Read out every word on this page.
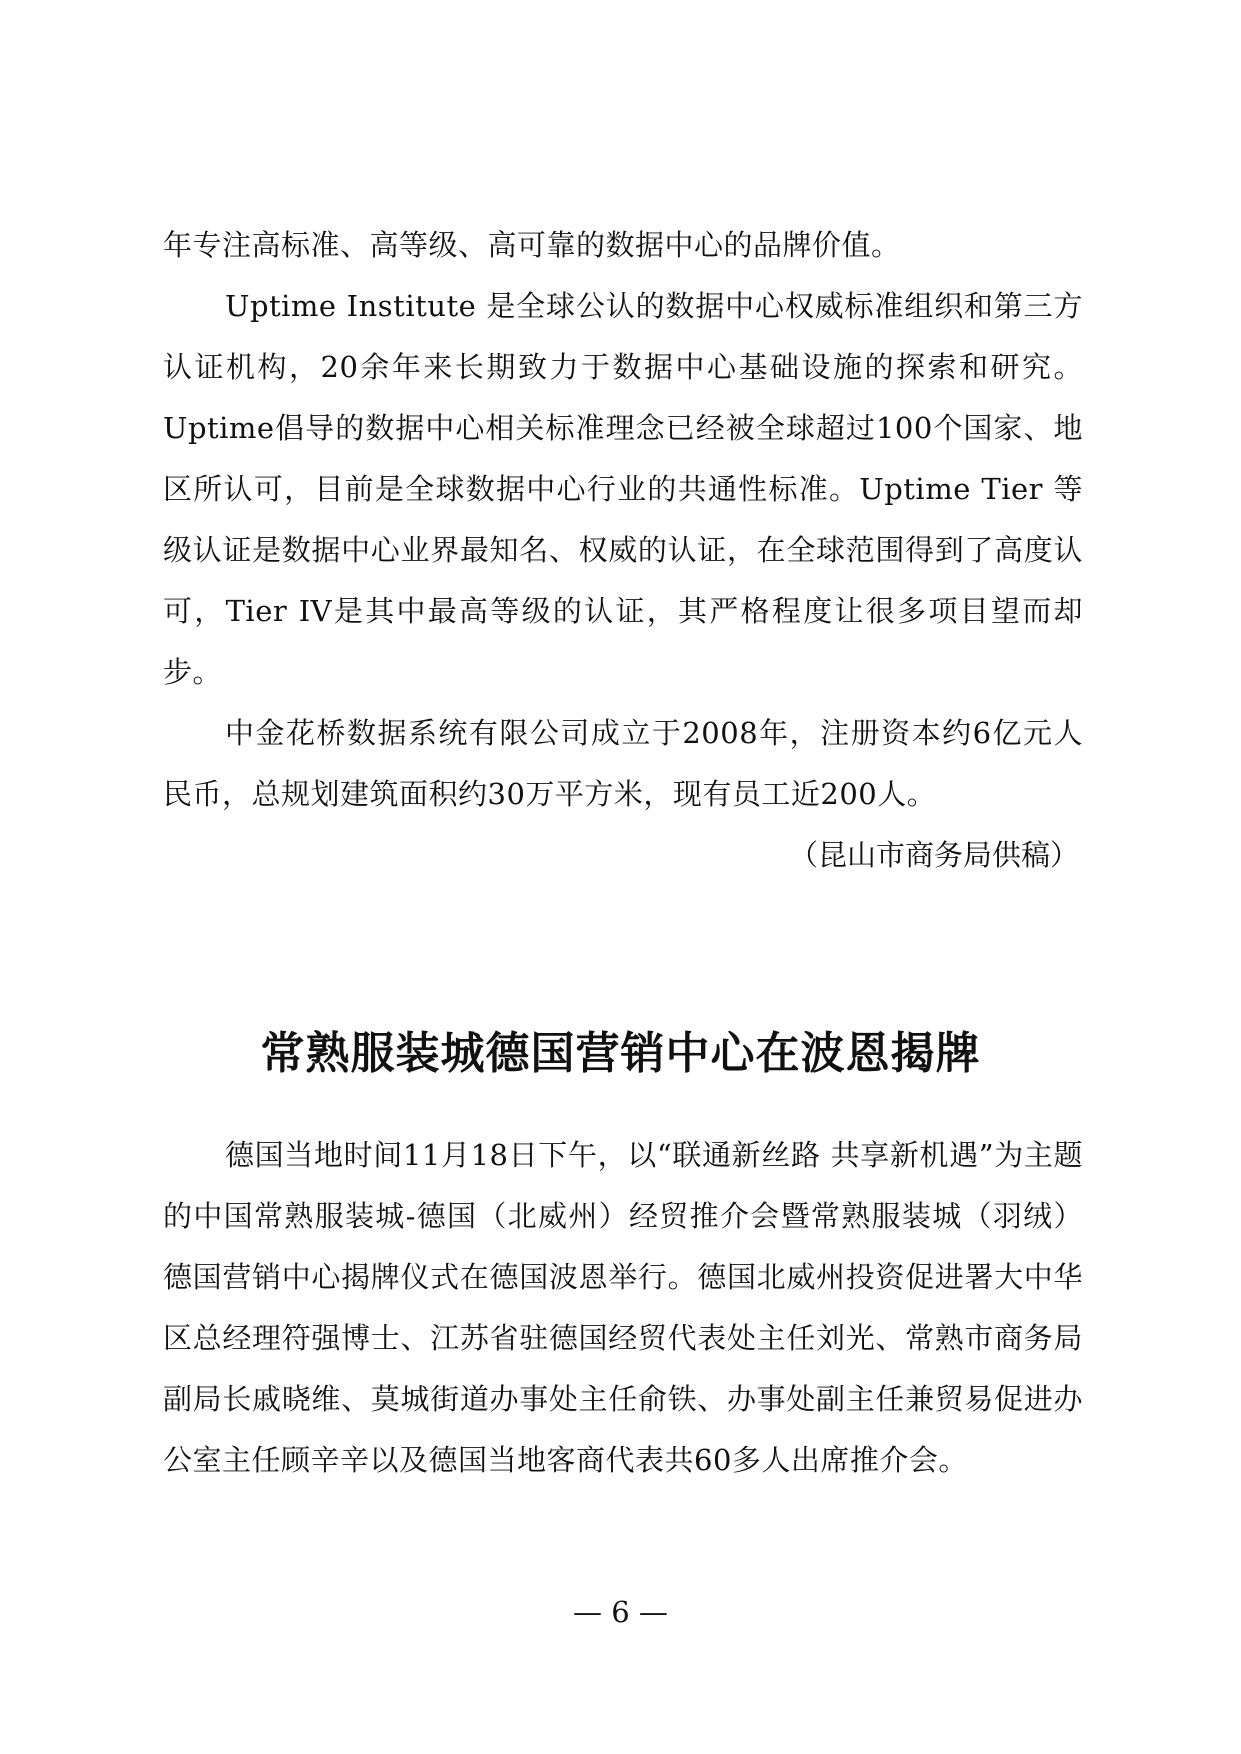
年专注高标准、高等级、高可靠的数据中心的品牌价值。

Uptime Institute 是全球公认的数据中心权威标准组织和第三方认证机构，20余年来长期致力于数据中心基础设施的探索和研究。Uptime倡导的数据中心相关标准理念已经被全球超过100个国家、地区所认可，目前是全球数据中心行业的共通性标准。Uptime Tier 等级认证是数据中心业界最知名、权威的认证，在全球范围得到了高度认可，Tier IV是其中最高等级的认证，其严格程度让很多项目望而却步。

中金花桥数据系统有限公司成立于2008年，注册资本约6亿元人民币，总规划建筑面积约30万平方米，现有员工近200人。

（昆山市商务局供稿）

常熟服装城德国营销中心在波恩揭牌

德国当地时间11月18日下午，以“联通新丝路 共享新机遇”为主题的中国常熟服装城-德国（北威州）经贸推介会暨常熟服装城（羽绒）德国营销中心揭牌仪式在德国波恩举行。德国北威州投资促进署大中华区总经理符强博士、江苏省驻德国经贸代表处主任刘光、常熟市商务局副局长戚晓维、莫城街道办事处主任俞铁、办事处副主任兼贸易促进办公室主任顾辛辛以及德国当地客商代表共60多人出席推介会。

— 6 —
